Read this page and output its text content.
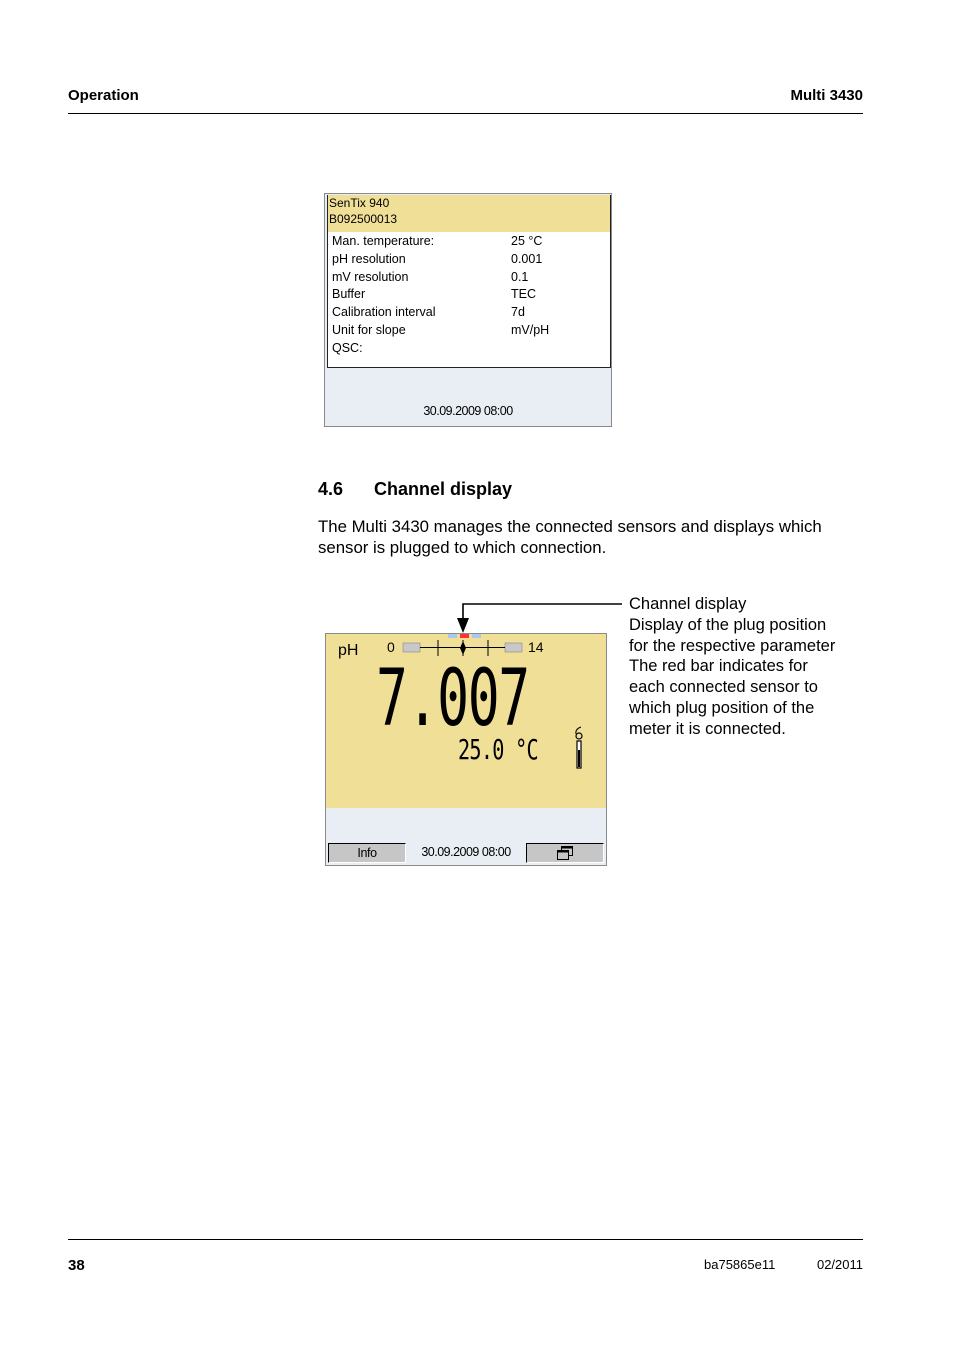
Operation	Multi 3430
SenTix 940
B092500013
Man. temperature:	25 °C
pH resolution	0.001
mV resolution	0.1
Buffer	TEC
Calibration interval	7d
Unit for slope	mV/pH
QSC:
30.09.2009 08:00
4.6 Channel display
The Multi 3430 manages the connected sensors and displays which sensor is plugged to which connection.
pH 0	14
7.007
25.0 °C
Info	30.09.2009 08:00
Channel display
Display of the plug position
for the respective parameter
The red bar indicates for
each connected sensor to
which plug position of the
meter it is connected.
38	ba75865e11	02/2011
